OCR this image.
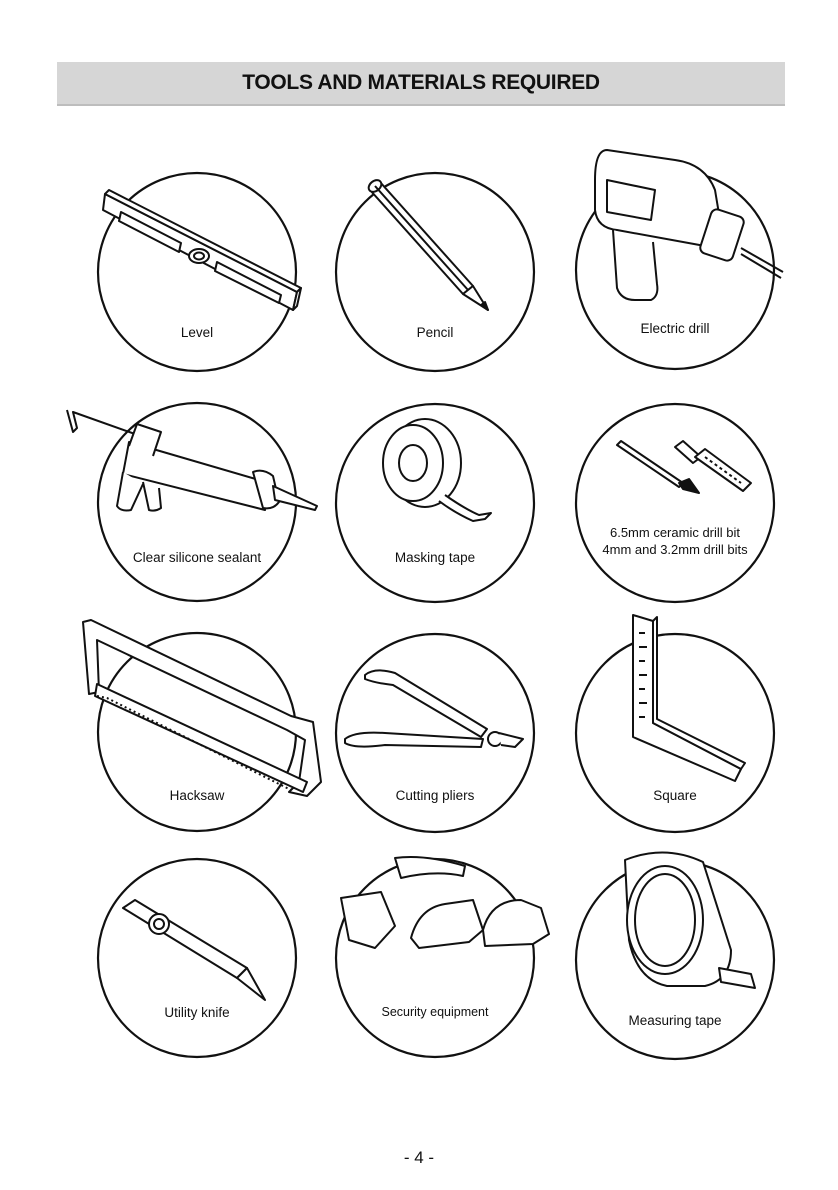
TOOLS AND MATERIALS REQUIRED
Level	Pencil	Electric drill
Clear silicone sealant	Masking tape
6.5mm ceramic drill bit
4mm and 3.2mm drill bits
Hacksaw	Cutting pliers	Square
Utility knife	Security equipment
Measuring tape
- 4 -
